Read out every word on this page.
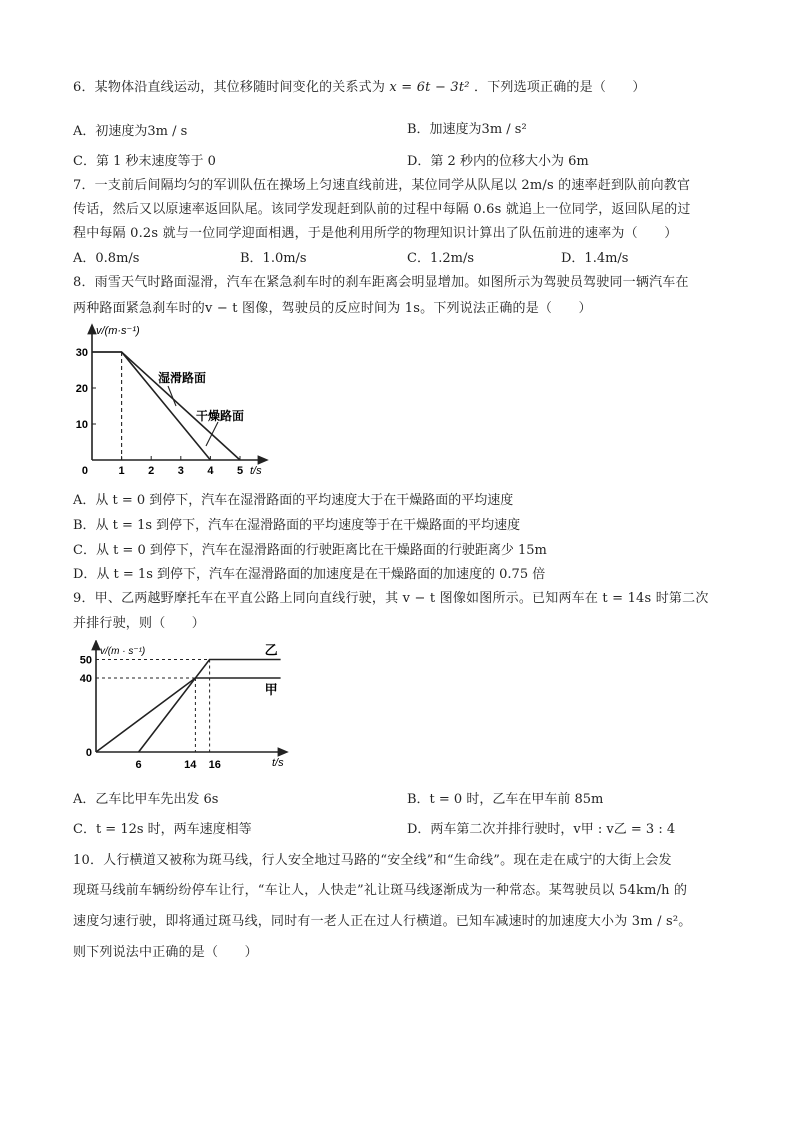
6．某物体沿直线运动，其位移随时间变化的关系式为 x = 6t − 3t² ．下列选项正确的是（　　）
A．初速度为3m / s	B．加速度为3m / s²
C．第 1 秒末速度等于 0	D．第 2 秒内的位移大小为 6m
7．一支前后间隔均匀的军训队伍在操场上匀速直线前进，某位同学从队尾以 2m/s 的速率赶到队前向教官
传话，然后又以原速率返回队尾。该同学发现赶到队前的过程中每隔 0.6s 就追上一位同学，返回队尾的过
程中每隔 0.2s 就与一位同学迎面相遇，于是他利用所学的物理知识计算出了队伍前进的速率为（　　）
A．0.8m/s	B．1.0m/s	C．1.2m/s	D．1.4m/s
8．雨雪天气时路面湿滑，汽车在紧急刹车时的刹车距离会明显增加。如图所示为驾驶员驾驶同一辆汽车在
两种路面紧急刹车时的v − t 图像，驾驶员的反应时间为 1s。下列说法正确的是（　　）
v/(m·s⁻¹)
t/s
10
20
30
0	1 2 3 4 5
湿滑路面
干燥路面
A．从 t = 0 到停下，汽车在湿滑路面的平均速度大于在干燥路面的平均速度
B．从 t = 1s 到停下，汽车在湿滑路面的平均速度等于在干燥路面的平均速度
C．从 t = 0 到停下，汽车在湿滑路面的行驶距离比在干燥路面的行驶距离少 15m
D．从 t = 1s 到停下，汽车在湿滑路面的加速度是在干燥路面的加速度的 0.75 倍
9．甲、乙两越野摩托车在平直公路上同向直线行驶，其 v − t 图像如图所示。已知两车在 t = 14s 时第二次
并排行驶，则（　　）
v/(m · s⁻¹)
t/s
40
50
0
6	14 16
乙
甲
A．乙车比甲车先出发 6s	B．t = 0 时，乙车在甲车前 85m
C．t = 12s 时，两车速度相等	D．两车第二次并排行驶时，v甲 : v乙 = 3 : 4
10．人行横道又被称为斑马线，行人安全地过马路的“安全线”和“生命线”。现在走在咸宁的大街上会发
现斑马线前车辆纷纷停车让行，“车让人，人快走”礼让斑马线逐渐成为一种常态。某驾驶员以 54km/h 的
速度匀速行驶，即将通过斑马线，同时有一老人正在过人行横道。已知车减速时的加速度大小为 3m / s²。
则下列说法中正确的是（　　）
